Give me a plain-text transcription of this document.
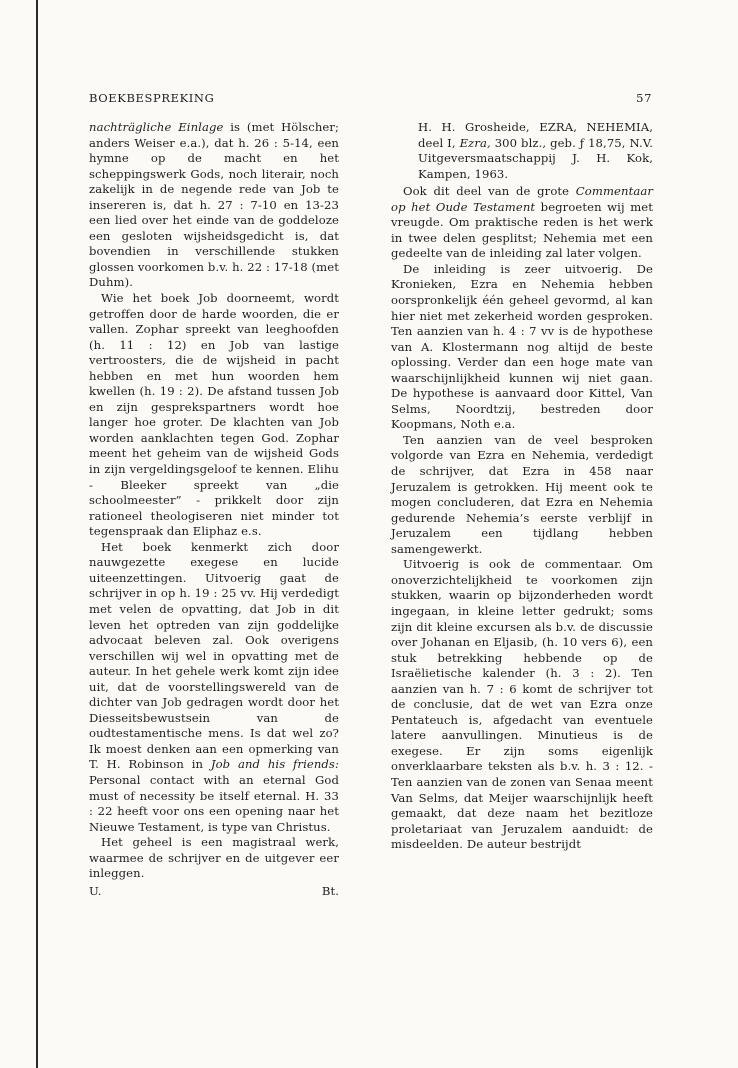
BOEKBESPREKING	57

nachträgliche Einlage is (met Hölscher; anders Weiser e.a.), dat h. 26 : 5-14, een hymne op de macht en het scheppingswerk Gods, noch literair, noch zakelijk in de negende rede van Job te insereren is, dat h. 27 : 7-10 en 13-23 een lied over het einde van de goddeloze een gesloten wijsheidsgedicht is, dat bovendien in verschillende stukken glossen voorkomen b.v. h. 22 : 17-18 (met Duhm).

Wie het boek Job doorneemt, wordt getroffen door de harde woorden, die er vallen. Zophar spreekt van leeghoofden (h. 11 : 12) en Job van lastige vertroosters, die de wijsheid in pacht hebben en met hun woorden hem kwellen (h. 19 : 2). De afstand tussen Job en zijn gesprekspartners wordt hoe langer hoe groter. De klachten van Job worden aanklachten tegen God. Zophar meent het geheim van de wijsheid Gods in zijn vergeldingsgeloof te kennen. Elihu - Bleeker spreekt van „die schoolmeester” - prikkelt door zijn rationeel theologiseren niet minder tot tegenspraak dan Eliphaz e.s.

Het boek kenmerkt zich door nauwgezette exegese en lucide uiteenzettingen. Uitvoerig gaat de schrijver in op h. 19 : 25 vv. Hij verdedigt met velen de opvatting, dat Job in dit leven het optreden van zijn goddelijke advocaat beleven zal. Ook overigens verschillen wij wel in opvatting met de auteur. In het gehele werk komt zijn idee uit, dat de voorstellingswereld van de dichter van Job gedragen wordt door het Diesseitsbewustsein van de oudtestamentische mens. Is dat wel zo? Ik moest denken aan een opmerking van T. H. Robinson in Job and his friends: Personal contact with an eternal God must of necessity be itself eternal. H. 33 : 22 heeft voor ons een opening naar het Nieuwe Testament, is type van Christus.

Het geheel is een magistraal werk, waarmee de schrijver en de uitgever eer inleggen.

U.	Bt.

H. H. Grosheide, EZRA, NEHEMIA, deel I, Ezra, 300 blz., geb. ƒ 18,75, N.V. Uitgeversmaatschappij J. H. Kok, Kampen, 1963.

Ook dit deel van de grote Commentaar op het Oude Testament begroeten wij met vreugde. Om praktische reden is het werk in twee delen gesplitst; Nehemia met een gedeelte van de inleiding zal later volgen.

De inleiding is zeer uitvoerig. De Kronieken, Ezra en Nehemia hebben oorspronkelijk één geheel gevormd, al kan hier niet met zekerheid worden gesproken. Ten aanzien van h. 4 : 7 vv is de hypothese van A. Klostermann nog altijd de beste oplossing. Verder dan een hoge mate van waarschijnlijkheid kunnen wij niet gaan. De hypothese is aanvaard door Kittel, Van Selms, Noordtzij, bestreden door Koopmans, Noth e.a.

Ten aanzien van de veel besproken volgorde van Ezra en Nehemia, verdedigt de schrijver, dat Ezra in 458 naar Jeruzalem is getrokken. Hij meent ook te mogen concluderen, dat Ezra en Nehemia gedurende Nehemia’s eerste verblijf in Jeruzalem een tijdlang hebben samengewerkt.

Uitvoerig is ook de commentaar. Om onoverzichtelijkheid te voorkomen zijn stukken, waarin op bijzonderheden wordt ingegaan, in kleine letter gedrukt; soms zijn dit kleine excursen als b.v. de discussie over Johanan en Eljasib, (h. 10 vers 6), een stuk betrekking hebbende op de Israëlietische kalender (h. 3 : 2). Ten aanzien van h. 7 : 6 komt de schrijver tot de conclusie, dat de wet van Ezra onze Pentateuch is, afgedacht van eventuele latere aanvullingen. Minutieus is de exegese. Er zijn soms eigenlijk onverklaarbare teksten als b.v. h. 3 : 12. - Ten aanzien van de zonen van Senaa meent Van Selms, dat Meijer waarschijnlijk heeft gemaakt, dat deze naam het bezitloze proletariaat van Jeruzalem aanduidt: de misdeelden. De auteur bestrijdt
